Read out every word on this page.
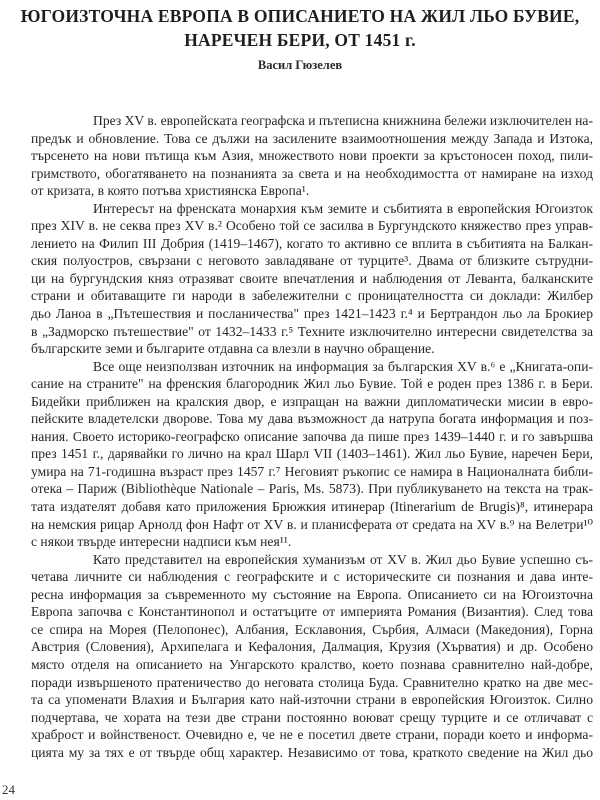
ЮГОИЗТОЧНА ЕВРОПА В ОПИСАНИЕТО НА ЖИЛ ЛЬО БУВИЕ,
НАРЕЧЕН БЕРИ, ОТ 1451 г.
Васил Гюзелев
През XV в. европейската географска и пътеписна книжнина бележи изключителен на-
предък и обновление. Това се дължи на засилените взаимоотношения между Запада и Изтока,
търсенето на нови пътища към Азия, множеството нови проекти за кръстоносен поход, пили-
гримството, обогатяването на познанията за света и на необходимостта от намиране на изход
от кризата, в която потъва християнска Европа¹.
Интересът на френската монархия към земите и събитията в европейския Югоизток
през XIV в. не секва през XV в.² Особено той се засилва в Бургундското княжество през управ-
лението на Филип III Добрия (1419–1467), когато то активно се вплита в събитията на Балкан-
ския полуостров, свързани с неговото завладяване от турците³. Двама от близките сътрудни-
ци на бургундския княз отразяват своите впечатления и наблюдения от Леванта, балканските
страни и обитаващите ги народи в забележителни с проницателността си доклади: Жилбер
дьо Ланоа в „Пътешествия и посланичества" през 1421–1423 г.⁴ и Бертрандон льо ла Брокиер
в „Задморско пътешествие" от 1432–1433 г.⁵ Техните изключително интересни свидетелства за
българските земи и българите отдавна са влезли в научно обращение.
Все още неизползван източник на информация за българския XV в.⁶ е „Книгата-опи-
сание на страните" на френския благородник Жил льо Бувие. Той е роден през 1386 г. в Бери.
Бидейки приближен на кралския двор, е изпращан на важни дипломатически мисии в евро-
пейските владетелски дворове. Това му дава възможност да натрупа богата информация и поз-
нания. Своето историко-географско описание започва да пише през 1439–1440 г. и го завършва
през 1451 г., дарявайки го лично на крал Шарл VII (1403–1461). Жил льо Бувие, наречен Бери,
умира на 71-годишна възраст през 1457 г.⁷ Неговият ръкопис се намира в Националната библи-
отека – Париж (Bibliothèque Nationale – Paris, Ms. 5873). При публикуването на текста на трак-
тата издателят добавя като приложения Брюжкия итинерар (Itinerarium de Brugis)⁸, итинерара
на немския рицар Арнолд фон Нафт от XV в. и планисферата от средата на XV в.⁹ на Велетри¹⁰
с някои твърде интересни надписи към нея¹¹.
Като представител на европейския хуманизъм от XV в. Жил дьо Бувие успешно съ-
четава личните си наблюдения с географските и с историческите си познания и дава инте-
ресна информация за съвременното му състояние на Европа. Описанието си на Югоизточна
Европа започва с Константинопол и остатъците от империята Романия (Византия). След това
се спира на Морея (Пелопонес), Албания, Есклавония, Сърбия, Алмаси (Македония), Горна
Австрия (Словения), Архипелага и Кефалония, Далмация, Крузия (Хърватия) и др. Особено
място отделя на описанието на Унгарското кралство, което познава сравнително най-добре,
поради извършеното пратеничество до неговата столица Буда. Сравнително кратко на две мес-
та са упоменати Влахия и България като най-източни страни в европейския Югоизток. Силно
подчертава, че хората на тези две страни постоянно воюват срещу турците и се отличават с
храброст и войнственост. Очевидно е, че не е посетил двете страни, поради което и информа-
цията му за тях е от твърде общ характер. Независимо от това, краткото сведение на Жил дьо
24
